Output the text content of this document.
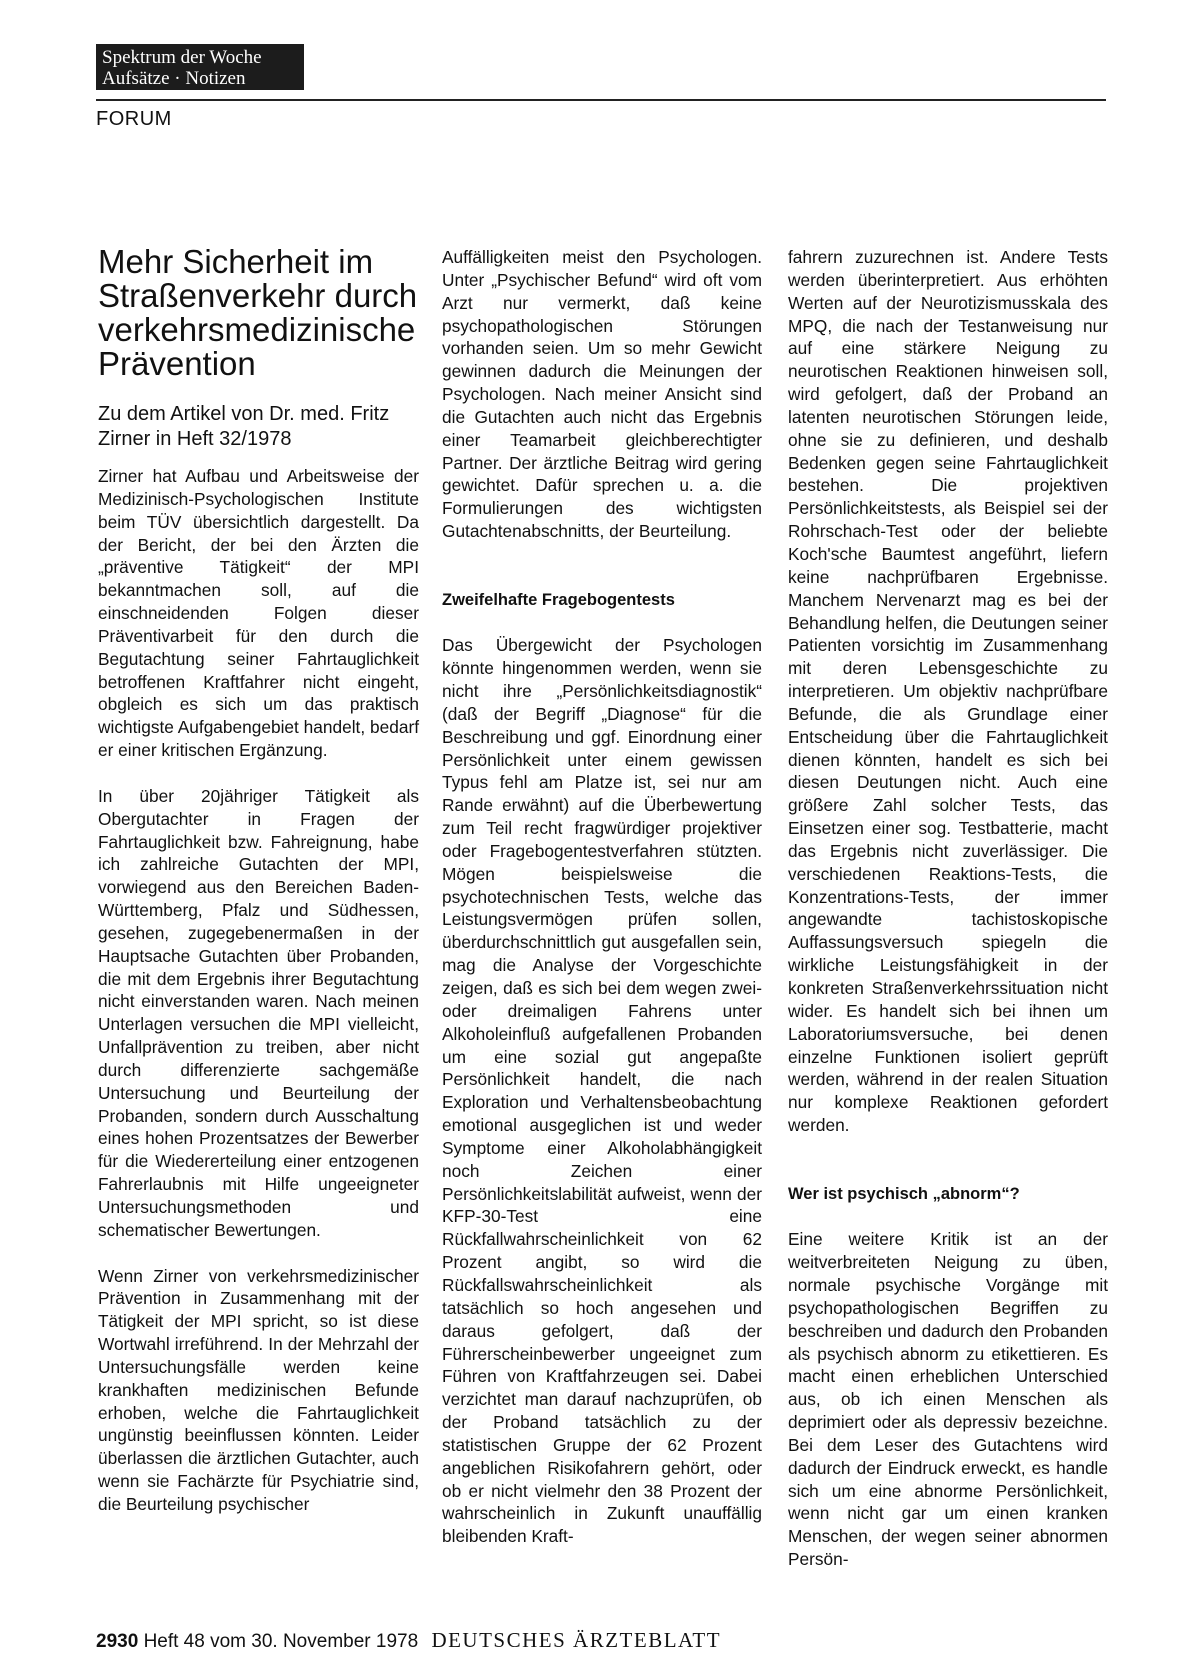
Spektrum der Woche
Aufsätze · Notizen
FORUM
Mehr Sicherheit im Straßenverkehr durch verkehrsmedizinische Prävention
Zu dem Artikel von Dr. med. Fritz Zirner in Heft 32/1978

Zirner hat Aufbau und Arbeitsweise der Medizinisch-Psychologischen Institute beim TÜV übersichtlich dargestellt. Da der Bericht, der bei den Ärzten die „präventive Tätigkeit“ der MPI bekanntmachen soll, auf die einschneidenden Folgen dieser Präventivarbeit für den durch die Begutachtung seiner Fahrtauglichkeit betroffenen Kraftfahrer nicht eingeht, obgleich es sich um das praktisch wichtigste Aufgabengebiet handelt, bedarf er einer kritischen Ergänzung.

In über 20jähriger Tätigkeit als Obergutachter in Fragen der Fahrtauglichkeit bzw. Fahreignung, habe ich zahlreiche Gutachten der MPI, vorwiegend aus den Bereichen Baden-Württemberg, Pfalz und Südhessen, gesehen, zugegebenermaßen in der Hauptsache Gutachten über Probanden, die mit dem Ergebnis ihrer Begutachtung nicht einverstanden waren. Nach meinen Unterlagen versuchen die MPI vielleicht, Unfallprävention zu treiben, aber nicht durch differenzierte sachgemäße Untersuchung und Beurteilung der Probanden, sondern durch Ausschaltung eines hohen Prozentsatzes der Bewerber für die Wiedererteilung einer entzogenen Fahrerlaubnis mit Hilfe ungeeigneter Untersuchungsmethoden und schematischer Bewertungen.

Wenn Zirner von verkehrsmedizinischer Prävention in Zusammenhang mit der Tätigkeit der MPI spricht, so ist diese Wortwahl irreführend. In der Mehrzahl der Untersuchungsfälle werden keine krankhaften medizinischen Befunde erhoben, welche die Fahrtauglichkeit ungünstig beeinflussen könnten. Leider überlassen die ärztlichen Gutachter, auch wenn sie Fachärzte für Psychiatrie sind, die Beurteilung psychischer

Auffälligkeiten meist den Psychologen. Unter „Psychischer Befund“ wird oft vom Arzt nur vermerkt, daß keine psychopathologischen Störungen vorhanden seien. Um so mehr Gewicht gewinnen dadurch die Meinungen der Psychologen. Nach meiner Ansicht sind die Gutachten auch nicht das Ergebnis einer Teamarbeit gleichberechtigter Partner. Der ärztliche Beitrag wird gering gewichtet. Dafür sprechen u. a. die Formulierungen des wichtigsten Gutachtenabschnitts, der Beurteilung.

Zweifelhafte Fragebogentests

Das Übergewicht der Psychologen könnte hingenommen werden, wenn sie nicht ihre „Persönlichkeitsdiagnostik“ (daß der Begriff „Diagnose“ für die Beschreibung und ggf. Einordnung einer Persönlichkeit unter einem gewissen Typus fehl am Platze ist, sei nur am Rande erwähnt) auf die Überbewertung zum Teil recht fragwürdiger projektiver oder Fragebogentestverfahren stützten. Mögen beispielsweise die psychotechnischen Tests, welche das Leistungsvermögen prüfen sollen, überdurchschnittlich gut ausgefallen sein, mag die Analyse der Vorgeschichte zeigen, daß es sich bei dem wegen zwei- oder dreimaligen Fahrens unter Alkoholeinfluß aufgefallenen Probanden um eine sozial gut angepaßte Persönlichkeit handelt, die nach Exploration und Verhaltensbeobachtung emotional ausgeglichen ist und weder Symptome einer Alkoholabhängigkeit noch Zeichen einer Persönlichkeitslabilität aufweist, wenn der KFP-30-Test eine Rückfallwahrscheinlichkeit von 62 Prozent angibt, so wird die Rückfallswahrscheinlichkeit als tatsächlich so hoch angesehen und daraus gefolgert, daß der Führerscheinbewerber ungeeignet zum Führen von Kraftfahrzeugen sei. Dabei verzichtet man darauf nachzuprüfen, ob der Proband tatsächlich zu der statistischen Gruppe der 62 Prozent angeblichen Risikofahrern gehört, oder ob er nicht vielmehr den 38 Prozent der wahrscheinlich in Zukunft unauffällig bleibenden Kraft-

fahrern zuzurechnen ist. Andere Tests werden überinterpretiert. Aus erhöhten Werten auf der Neurotizismusskala des MPQ, die nach der Testanweisung nur auf eine stärkere Neigung zu neurotischen Reaktionen hinweisen soll, wird gefolgert, daß der Proband an latenten neurotischen Störungen leide, ohne sie zu definieren, und deshalb Bedenken gegen seine Fahrtauglichkeit bestehen. Die projektiven Persönlichkeitstests, als Beispiel sei der Rohrschach-Test oder der beliebte Koch'sche Baumtest angeführt, liefern keine nachprüfbaren Ergebnisse. Manchem Nervenarzt mag es bei der Behandlung helfen, die Deutungen seiner Patienten vorsichtig im Zusammenhang mit deren Lebensgeschichte zu interpretieren. Um objektiv nachprüfbare Befunde, die als Grundlage einer Entscheidung über die Fahrtauglichkeit dienen könnten, handelt es sich bei diesen Deutungen nicht. Auch eine größere Zahl solcher Tests, das Einsetzen einer sog. Testbatterie, macht das Ergebnis nicht zuverlässiger. Die verschiedenen Reaktions-Tests, die Konzentrations-Tests, der immer angewandte tachistoskopische Auffassungsversuch spiegeln die wirkliche Leistungsfähigkeit in der konkreten Straßenverkehrssituation nicht wider. Es handelt sich bei ihnen um Laboratoriumsversuche, bei denen einzelne Funktionen isoliert geprüft werden, während in der realen Situation nur komplexe Reaktionen gefordert werden.

Wer ist psychisch „abnorm“?

Eine weitere Kritik ist an der weitverbreiteten Neigung zu üben, normale psychische Vorgänge mit psychopathologischen Begriffen zu beschreiben und dadurch den Probanden als psychisch abnorm zu etikettieren. Es macht einen erheblichen Unterschied aus, ob ich einen Menschen als deprimiert oder als depressiv bezeichne. Bei dem Leser des Gutachtens wird dadurch der Eindruck erweckt, es handle sich um eine abnorme Persönlichkeit, wenn nicht gar um einen kranken Menschen, der wegen seiner abnormen Persön-

2930 Heft 48 vom 30. November 1978 DEUTSCHES ÄRZTEBLATT
